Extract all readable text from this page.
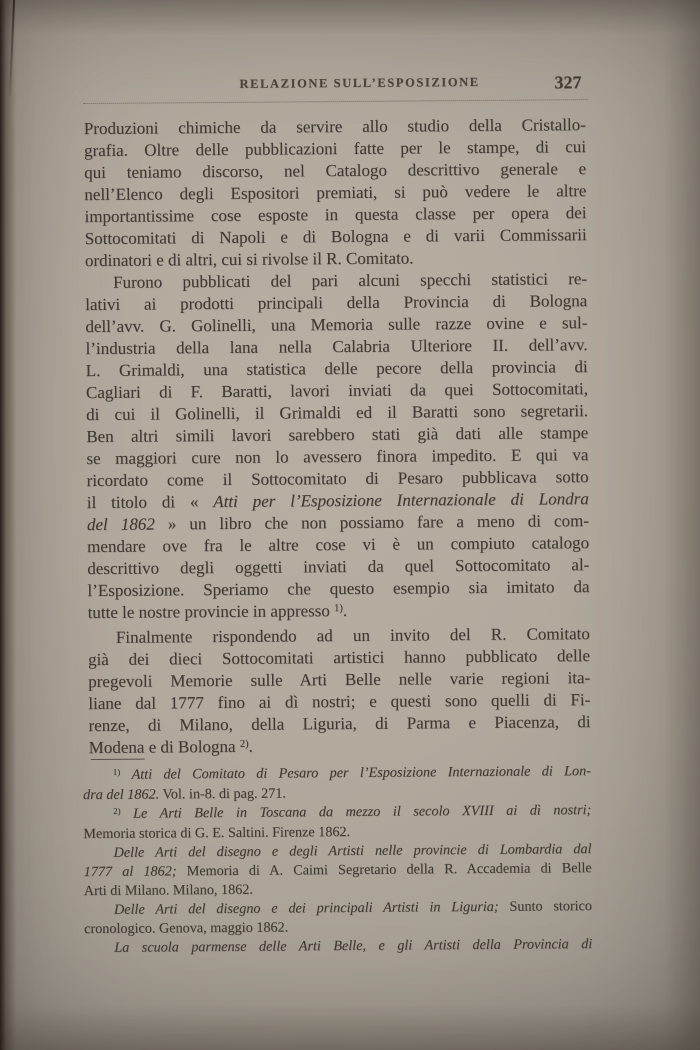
RELAZIONE SULL’ESPOSIZIONE	327
Produzioni chimiche da servire allo studio della Cristallo-
grafia. Oltre delle pubblicazioni fatte per le stampe, di cui
qui teniamo discorso, nel Catalogo descrittivo generale e
nell’Elenco degli Espositori premiati, si può vedere le altre
importantissime cose esposte in questa classe per opera dei
Sottocomitati di Napoli e di Bologna e di varii Commissarii
ordinatori e di altri, cui si rivolse il R. Comitato.
Furono pubblicati del pari alcuni specchi statistici re-
lativi ai prodotti principali della Provincia di Bologna
dell’avv. G. Golinelli, una Memoria sulle razze ovine e sul-
l’industria della lana nella Calabria Ulteriore II. dell’avv.
L. Grimaldi, una statistica delle pecore della provincia di
Cagliari di F. Baratti, lavori inviati da quei Sottocomitati,
di cui il Golinelli, il Grimaldi ed il Baratti sono segretarii.
Ben altri simili lavori sarebbero stati già dati alle stampe
se maggiori cure non lo avessero finora impedito. E qui va
ricordato come il Sottocomitato di Pesaro pubblicava sotto
il titolo di « Atti per l’Esposizione Internazionale di Londra
del 1862 » un libro che non possiamo fare a meno di com-
mendare ove fra le altre cose vi è un compiuto catalogo
descrittivo degli oggetti inviati da quel Sottocomitato al-
l’Esposizione. Speriamo che questo esempio sia imitato da
tutte le nostre provincie in appresso $^{1)}$.
Finalmente rispondendo ad un invito del R. Comitato
già dei dieci Sottocomitati artistici hanno pubblicato delle
pregevoli Memorie sulle Arti Belle nelle varie regioni ita-
liane dal 1777 fino ai dì nostri; e questi sono quelli di Fi-
renze, di Milano, della Liguria, di Parma e Piacenza, di
Modena e di Bologna $^{2)}$.
$^{1)}$ Atti del Comitato di Pesaro per l’Esposizione Internazionale di Lon-
dra del 1862. Vol. in-8. di pag. 271.
$^{2)}$ Le Arti Belle in Toscana da mezzo il secolo XVIII ai dì nostri;
Memoria storica di G. E. Saltini. Firenze 1862.
Delle Arti del disegno e degli Artisti nelle provincie di Lombardia dal
1777 al 1862; Memoria di A. Caimi Segretario della R. Accademia di Belle
Arti di Milano. Milano, 1862.
Delle Arti del disegno e dei principali Artisti in Liguria; Sunto storico
cronologico. Genova, maggio 1862.
La scuola parmense delle Arti Belle, e gli Artisti della Provincia di
